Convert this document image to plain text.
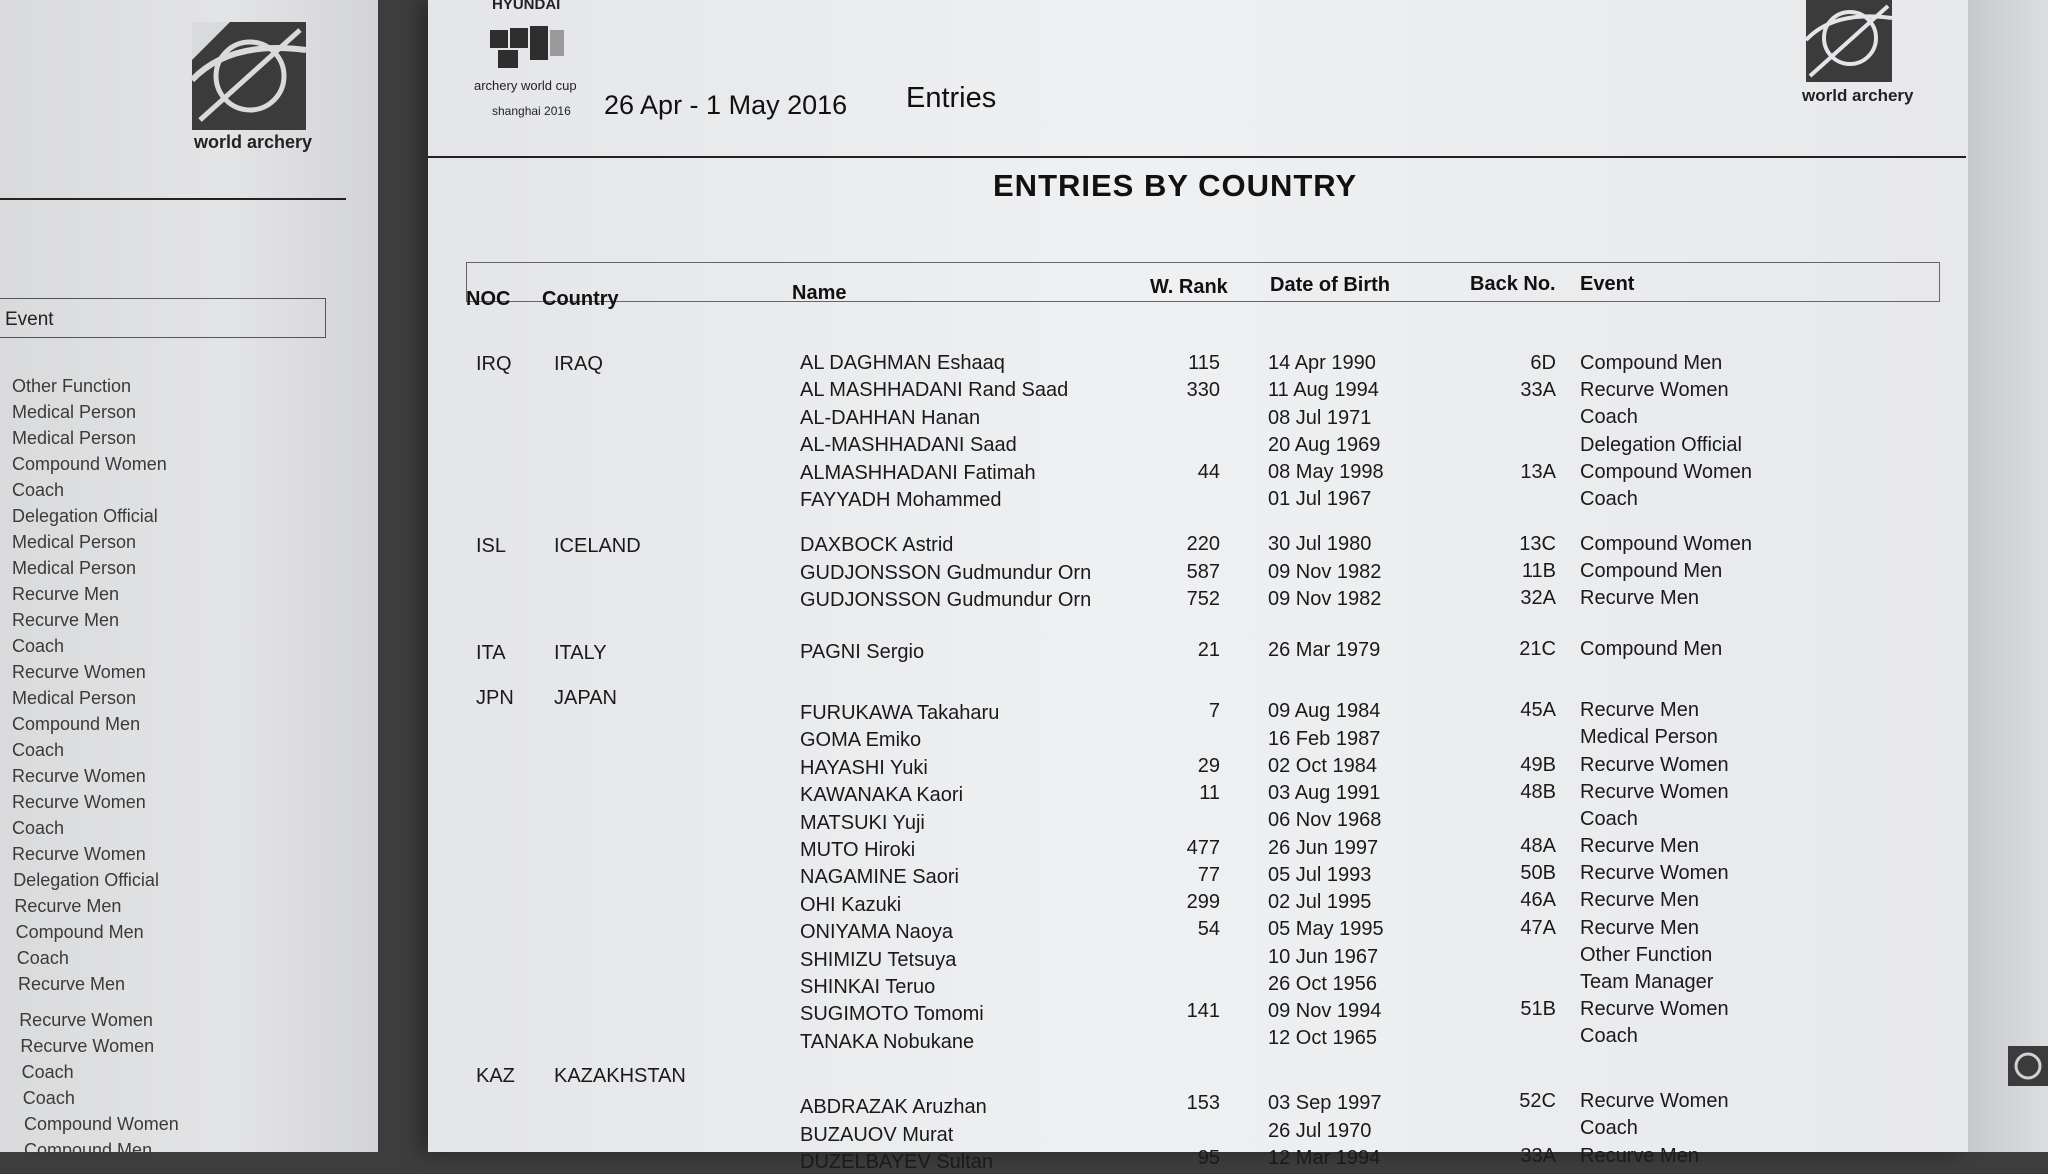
world archery
Event
Other Function
Medical Person
Medical Person
Compound Women
Coach
Delegation Official
Medical Person
Medical Person
Recurve Men
Recurve Men
Coach
Recurve Women
Medical Person
Compound Men
Coach
Recurve Women
Recurve Women
Coach
Recurve Women
Delegation Official
Recurve Men
Compound Men
Coach
Recurve Men
Recurve Women
Recurve Women
Coach
Coach
Compound Women
Compound Men
HYUNDAI
archery world cup
shanghai 2016 26 Apr - 1 May 2016 Entries	world archery
ENTRIES BY COUNTRY
NOC Country	Name	W. Rank Date of Birth	Back No. Event
IRQ IRAQ	AL DAGHMAN Eshaaq	115 14 Apr 1990	6D Compound Men
AL MASHHADANI Rand Saad	330 11 Aug 1994	33A Recurve Women
AL-DAHHAN Hanan	08 Jul 1971	Coach
AL-MASHHADANI Saad	20 Aug 1969	Delegation Official
ALMASHHADANI Fatimah	44 08 May 1998	13A Compound Women
FAYYADH Mohammed	01 Jul 1967	Coach
ISL ICELAND	DAXBOCK Astrid	220 30 Jul 1980	13C Compound Women
GUDJONSSON Gudmundur Orn	587 09 Nov 1982	11B Compound Men
GUDJONSSON Gudmundur Orn	752 09 Nov 1982	32A Recurve Men
ITA ITALY	PAGNI Sergio	21 26 Mar 1979	21C Compound Men
JPN JAPAN
FURUKAWA Takaharu	7 09 Aug 1984	45A Recurve Men
GOMA Emiko	16 Feb 1987	Medical Person
HAYASHI Yuki	29 02 Oct 1984	49B Recurve Women
KAWANAKA Kaori	11 03 Aug 1991	48B Recurve Women
MATSUKI Yuji	06 Nov 1968	Coach
MUTO Hiroki	477 26 Jun 1997	48A Recurve Men
NAGAMINE Saori	77 05 Jul 1993	50B Recurve Women
OHI Kazuki	299 02 Jul 1995	46A Recurve Men
ONIYAMA Naoya	54 05 May 1995	47A Recurve Men
SHIMIZU Tetsuya	10 Jun 1967	Other Function
SHINKAI Teruo	26 Oct 1956	Team Manager
SUGIMOTO Tomomi	141 09 Nov 1994	51B Recurve Women
TANAKA Nobukane	12 Oct 1965	Coach
KAZ KAZAKHSTAN
ABDRAZAK Aruzhan	153 03 Sep 1997	52C Recurve Women
BUZAUOV Murat	26 Jul 1970	Coach
DUZELBAYEV Sultan	95 12 Mar 1994	33A Recurve Men
